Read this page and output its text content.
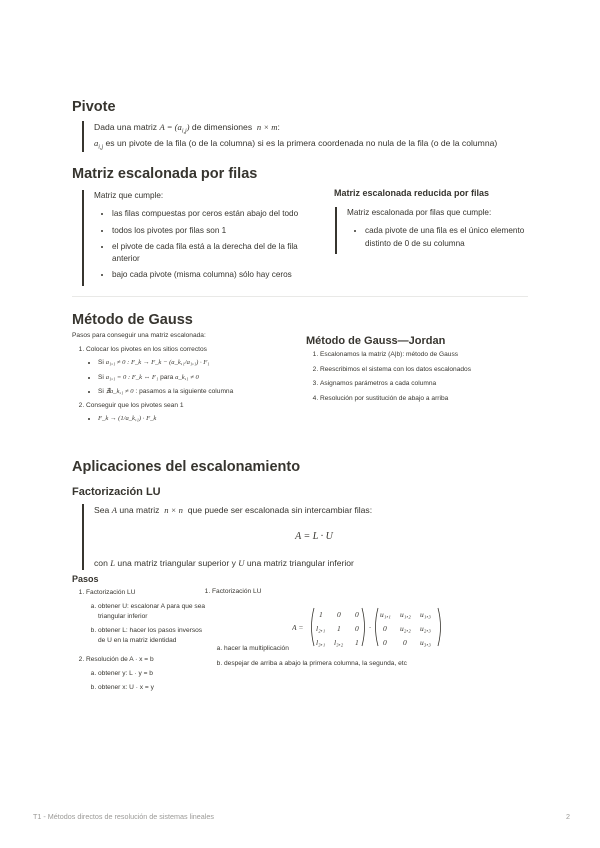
Pivote

Dada una matriz $A = (a_{i,j})$ de dimensiones n × m:

$a_{i,j}$ es un pivote de la fila (o de la columna) si es la primera coordenada no nula de la fila (o de la columna)

Matriz escalonada por filas

Matriz que cumple:

• las filas compuestas por ceros están abajo del todo
• todos los pivotes por filas son 1
• el pivote de cada fila está a la derecha del de la fila anterior
• bajo cada pivote (misma columna) sólo hay ceros
Matriz escalonada reducida por filas

Matriz escalonada por filas que cumple:

• cada pivote de una fila es el único elemento distinto de 0 de su columna
Método de Gauss
Pasos para conseguir una matriz escalonada:
1. Colocar los pivotes en los sitios correctos
• Si a₁,₁ ≠ 0 : F_k → F_k − (a_k,₁/a₁,₁) · F₁
• Si a₁,₁ = 0 : F_k ⇔ F₁ para a_k,₁ ≠ 0
• Si ∄a_k,₁ ≠ 0 : pasamos a la siguiente columna
2. Conseguir que los pivotes sean 1
• F_k → (1/a_k,₁) · F_k
Método de Gauss—Jordan
1. Escalonamos la matriz (A|b): método de Gauss
2. Reescribimos el sistema con los datos escalonados
3. Asignamos parámetros a cada columna
4. Resolución por sustitución de abajo a arriba
Aplicaciones del escalonamiento
Factorización LU

Sea A una matriz n × n que puede ser escalonada sin intercambiar filas:

A = L · U

con L una matriz triangular superior y U una matriz triangular inferior

Pasos
1. Factorización LU
a. obtener U: escalonar A para que sea triangular inferior
b. obtener L: hacer los pasos inversos de U en la matriz identidad
2. Resolución de A · x = b
a. obtener y: L · y = b
b. obtener x: U · x = y
1. Factorización LU
A =
1 0 0
l₂,₁ 1 0
l₃,₁ l₃,₂ 1
·
u₁,₁ u₁,₂ u₁,₃
0 u₂,₂ u₂,₃
0 0 u₃,₃
a. hacer la multiplicación
b. despejar de arriba a abajo la primera columna, la segunda, etc
T1 - Métodos directos de resolución de sistemas lineales	2
